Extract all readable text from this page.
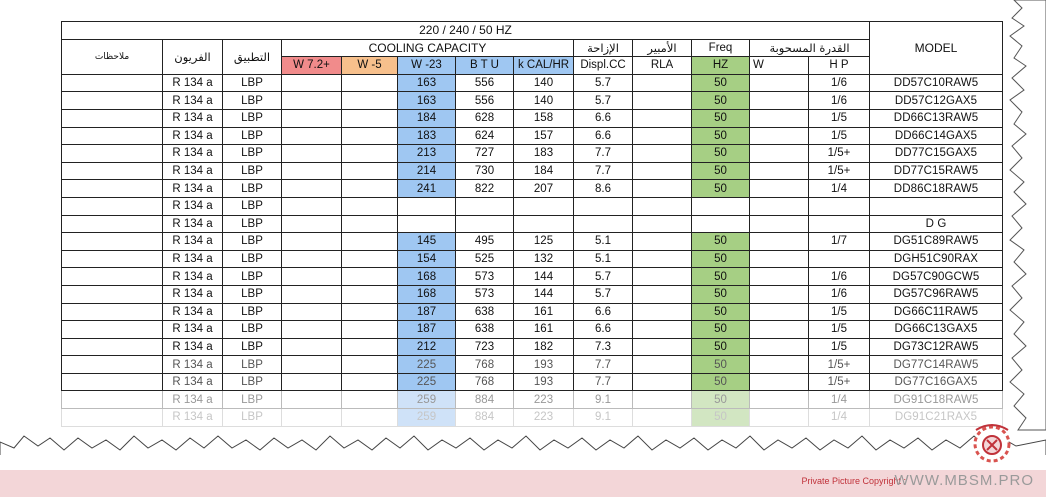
220 / 240 / 50 HZ													MODEL
ملاحظات	الفريون	التطبيق	COOLING CAPACITY					الإزاحة	الأمبير	Freq	القدرة المسحوبة		
			W 7.2+	W -5	W -23	B T U	k CAL/HR	Displ.CC	RLA	HZ	W	H P	
	R 134 a	LBP			163	556	140	5.7		50		1/6	DD57C10RAW5
	R 134 a	LBP			163	556	140	5.7		50		1/6	DD57C12GAX5
	R 134 a	LBP			184	628	158	6.6		50		1/5	DD66C13RAW5
	R 134 a	LBP			183	624	157	6.6		50		1/5	DD66C14GAX5
	R 134 a	LBP			213	727	183	7.7		50		1/5+	DD77C15GAX5
	R 134 a	LBP			214	730	184	7.7		50		1/5+	DD77C15RAW5
	R 134 a	LBP			241	822	207	8.6		50		1/4	DD86C18RAW5
	R 134 a	LBP											
	R 134 a	LBP											D G
	R 134 a	LBP			145	495	125	5.1		50		1/7	DG51C89RAW5
	R 134 a	LBP			154	525	132	5.1		50			DGH51C90RAX
	R 134 a	LBP			168	573	144	5.7		50		1/6	DG57C90GCW5
	R 134 a	LBP			168	573	144	5.7		50		1/6	DG57C96RAW5
	R 134 a	LBP			187	638	161	6.6		50		1/5	DG66C11RAW5
	R 134 a	LBP			187	638	161	6.6		50		1/5	DG66C13GAX5
	R 134 a	LBP			212	723	182	7.3		50		1/5	DG73C12RAW5
	R 134 a	LBP			225	768	193	7.7		50		1/5+	DG77C14RAW5
	R 134 a	LBP			225	768	193	7.7		50		1/5+	DG77C16GAX5
	R 134 a	LBP			259	884	223	9.1		50		1/4	DG91C18RAW5
	R 134 a	LBP			259	884	223	9.1		50		1/4	DG91C21RAX5
Private Picture Copyright :
WWW.MBSM.PRO
